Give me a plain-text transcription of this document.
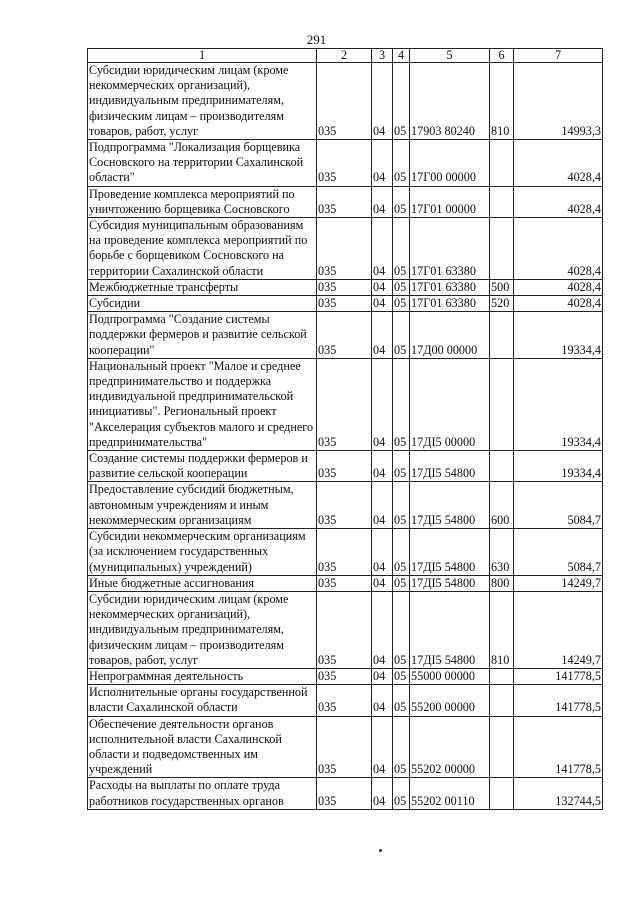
291
1	2	3	4	5	6	7
Субсидии юридическим лицам (кроме некоммерческих организаций), индивидуальным предпринимателям, физическим лицам – производителям товаров, работ, услуг	035	04	05	17903 80240	810	14993,3
Подпрограмма "Локализация борщевика Сосновского на территории Сахалинской области"	035	04	05	17Г00 00000		4028,4
Проведение комплекса мероприятий по уничтожению борщевика Сосновского	035	04	05	17Г01 00000		4028,4
Субсидия муниципальным образованиям на проведение комплекса мероприятий по борьбе с борщевиком Сосновского на территории Сахалинской области	035	04	05	17Г01 63380		4028,4
Межбюджетные трансферты	035	04	05	17Г01 63380	500	4028,4
Субсидии	035	04	05	17Г01 63380	520	4028,4
Подпрограмма "Создание системы поддержки фермеров и развитие сельской кооперации"	035	04	05	17Д00 00000		19334,4
Национальный проект "Малое и среднее предпринимательство и поддержка индивидуальной предпринимательской инициативы". Региональный проект "Акселерация субъектов малого и среднего предпринимательства"	035	04	05	17ДI5 00000		19334,4
Создание системы поддержки фермеров и развитие сельской кооперации	035	04	05	17ДI5 54800		19334,4
Предоставление субсидий бюджетным, автономным учреждениям и иным некоммерческим организациям	035	04	05	17ДI5 54800	600	5084,7
Субсидии некоммерческим организациям (за исключением государственных (муниципальных) учреждений)	035	04	05	17ДI5 54800	630	5084,7
Иные бюджетные ассигнования	035	04	05	17ДI5 54800	800	14249,7
Субсидии юридическим лицам (кроме некоммерческих организаций), индивидуальным предпринимателям, физическим лицам – производителям товаров, работ, услуг	035	04	05	17ДI5 54800	810	14249,7
Непрограммная деятельность	035	04	05	55000 00000		141778,5
Исполнительные органы государственной власти Сахалинской области	035	04	05	55200 00000		141778,5
Обеспечение деятельности органов исполнительной власти Сахалинской области и подведомственных им учреждений	035	04	05	55202 00000		141778,5
Расходы на выплаты по оплате труда работников государственных органов	035	04	05	55202 00110		132744,5
